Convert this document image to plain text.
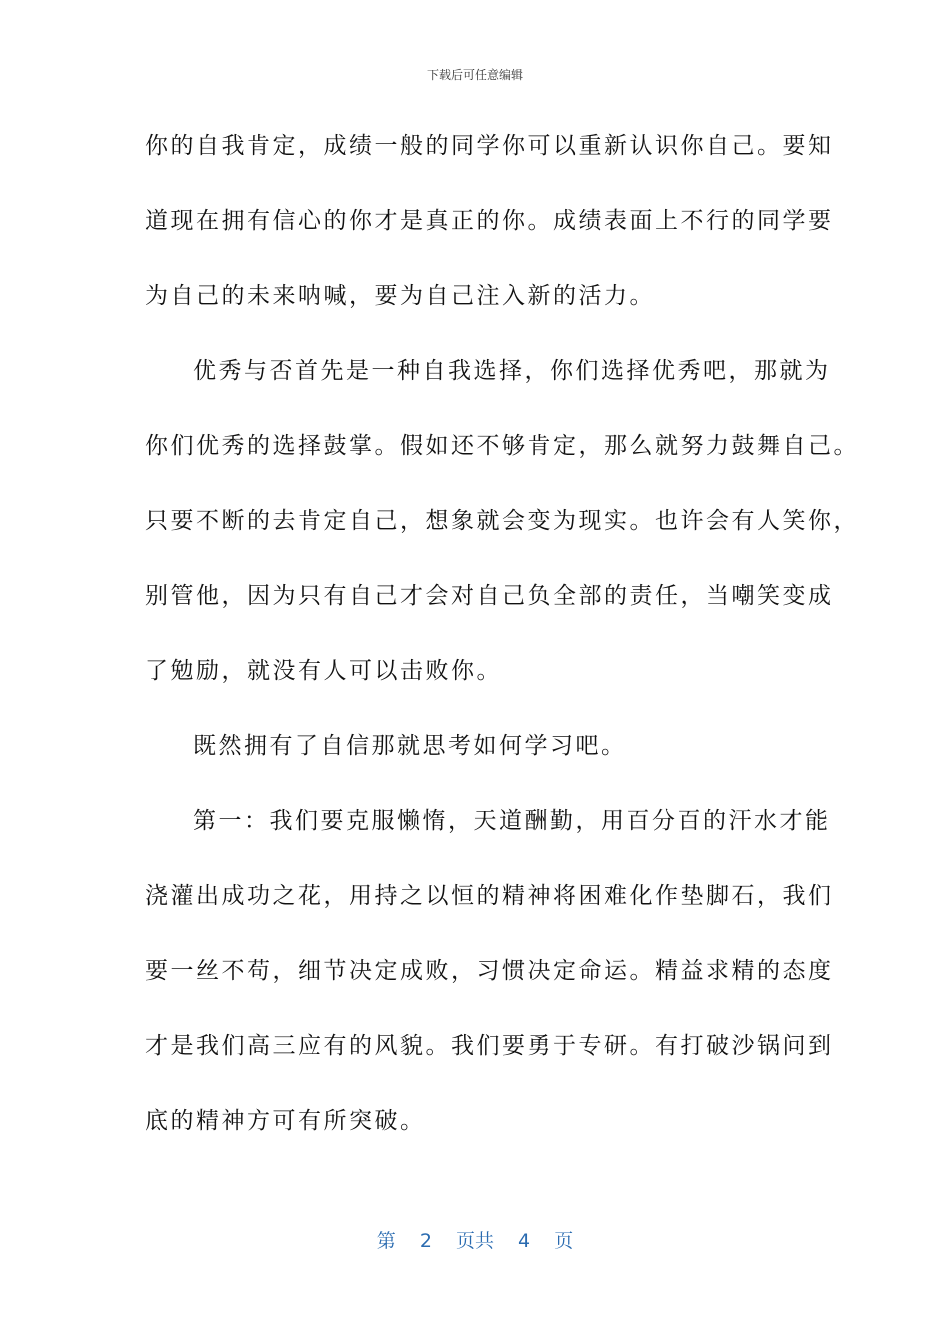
下载后可任意编辑
你的自我肯定，成绩一般的同学你可以重新认识你自己。要知
道现在拥有信心的你才是真正的你。成绩表面上不行的同学要
为自己的未来呐喊，要为自己注入新的活力。
优秀与否首先是一种自我选择，你们选择优秀吧，那就为
你们优秀的选择鼓掌。假如还不够肯定，那么就努力鼓舞自己。
只要不断的去肯定自己，想象就会变为现实。也许会有人笑你，
别管他，因为只有自己才会对自己负全部的责任，当嘲笑变成
了勉励，就没有人可以击败你。
既然拥有了自信那就思考如何学习吧。
第一：我们要克服懒惰，天道酬勤，用百分百的汗水才能
浇灌出成功之花，用持之以恒的精神将困难化作垫脚石，我们
要一丝不苟，细节决定成败，习惯决定命运。精益求精的态度
才是我们高三应有的风貌。我们要勇于专研。有打破沙锅问到
底的精神方可有所突破。
第 2 页共 4 页
